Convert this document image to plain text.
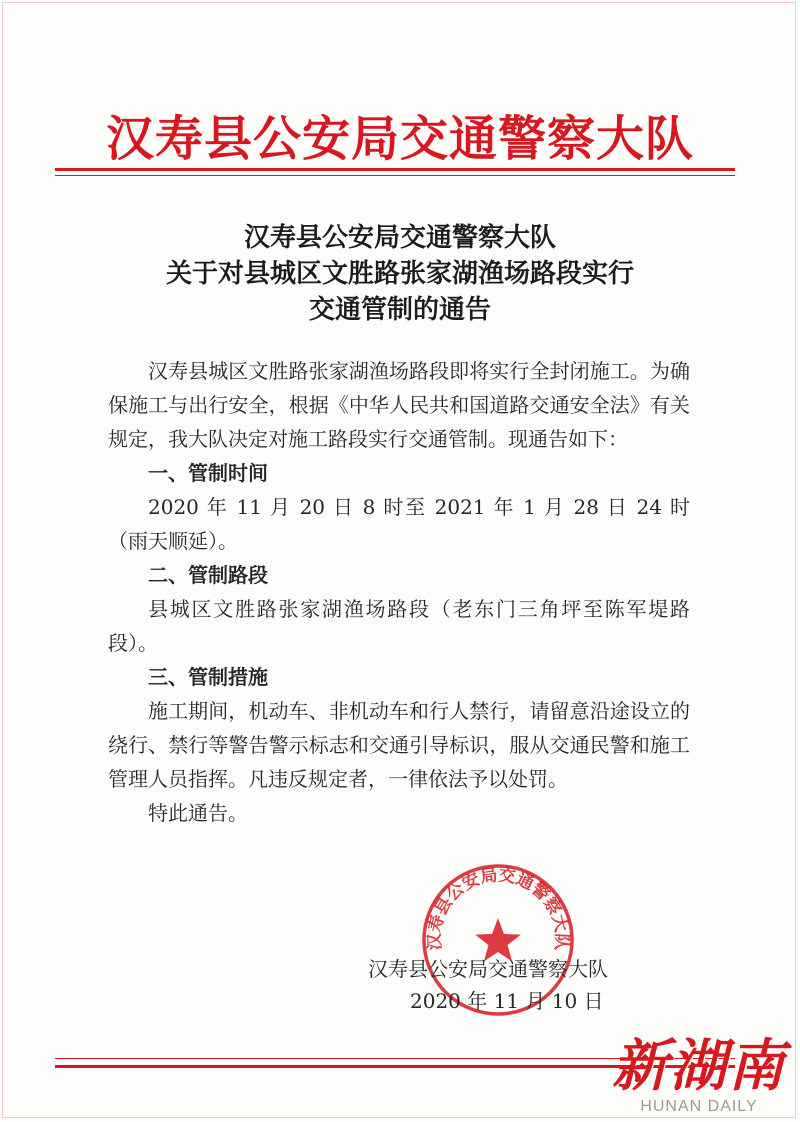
汉寿县公安局交通警察大队
汉寿县公安局交通警察大队
关于对县城区文胜路张家湖渔场路段实行
交通管制的通告

汉寿县城区文胜路张家湖渔场路段即将实行全封闭施工。为确保施工与出行安全，根据《中华人民共和国道路交通安全法》有关规定，我大队决定对施工路段实行交通管制。现通告如下：

一、管制时间

2020 年 11 月 20 日 8 时至 2021 年 1 月 28 日 24 时（雨天顺延）。

二、管制路段

县城区文胜路张家湖渔场路段（老东门三角坪至陈军堤路段）。

三、管制措施

施工期间，机动车、非机动车和行人禁行，请留意沿途设立的绕行、禁行等警告警示标志和交通引导标识，服从交通民警和施工管理人员指挥。凡违反规定者，一律依法予以处罚。

特此通告。

汉寿县公安局交通警察大队
汉寿县公安局交通警察大队
2020 年 11 月 10 日
新湖南
HUNAN DAILY
